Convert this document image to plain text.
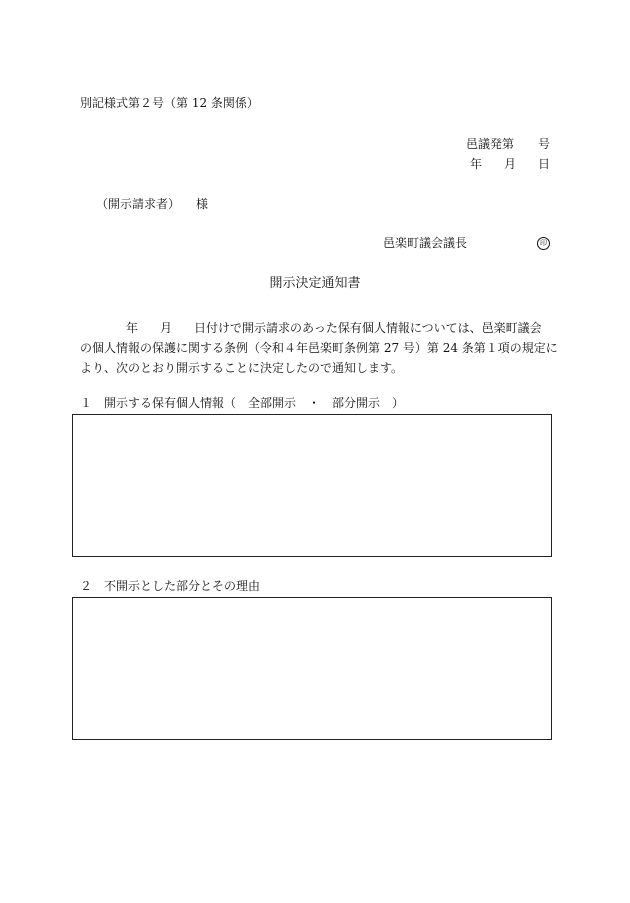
別記様式第２号（第 12 条関係）
邑議発第 号
年 月 日
（開示請求者） 様
邑楽町議会議長	印
開示決定通知書
年 月 日付けで開示請求のあった保有個人情報については、邑楽町議会
の個人情報の保護に関する条例（令和４年邑楽町条例第 27 号）第 24 条第１項の規定に
より、次のとおり開示することに決定したので通知します。
１ 開示する保有個人情報（　全部開示　・　部分開示　）
２ 不開示とした部分とその理由
